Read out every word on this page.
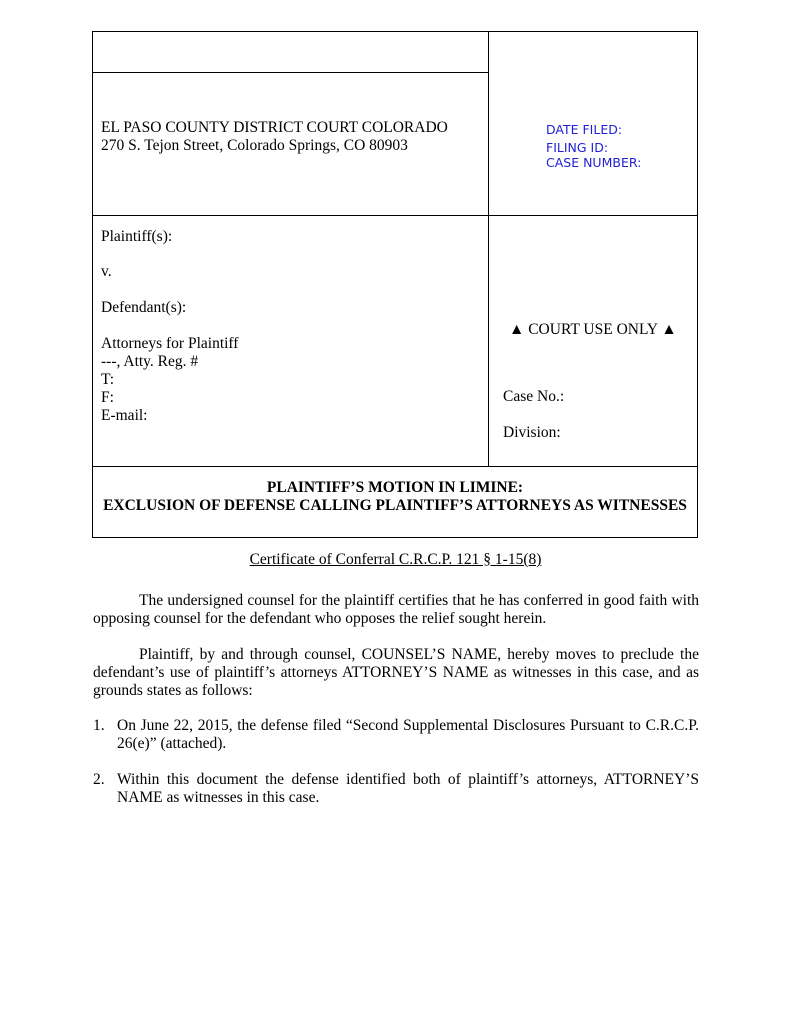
EL PASO COUNTY DISTRICT COURT COLORADO
270 S. Tejon Street, Colorado Springs, CO 80903
DATE FILED:
FILING ID:
CASE NUMBER:
Plaintiff(s):
v.
Defendant(s):
Attorneys for Plaintiff
---, Atty. Reg. #
T:
F:
E-mail:
▲ COURT USE ONLY ▲
Case No.:
Division:
PLAINTIFF’S MOTION IN LIMINE:
EXCLUSION OF DEFENSE CALLING PLAINTIFF’S ATTORNEYS AS WITNESSES
Certificate of Conferral C.R.C.P. 121 § 1-15(8)
The undersigned counsel for the plaintiff certifies that he has conferred in good faith with opposing counsel for the defendant who opposes the relief sought herein.
Plaintiff, by and through counsel, COUNSEL’S NAME, hereby moves to preclude the defendant’s use of plaintiff’s attorneys ATTORNEY’S NAME as witnesses in this case, and as grounds states as follows:
1. On June 22, 2015, the defense filed “Second Supplemental Disclosures Pursuant to C.R.C.P. 26(e)” (attached).
2. Within this document the defense identified both of plaintiff’s attorneys, ATTORNEY’S NAME as witnesses in this case.
